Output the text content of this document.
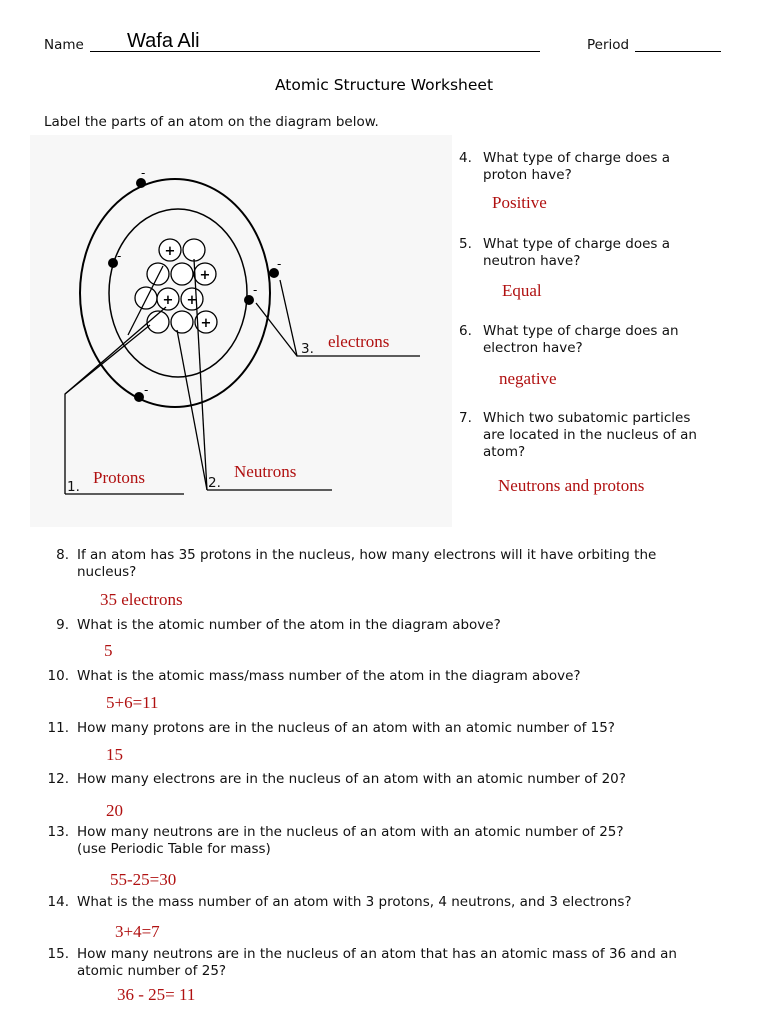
Name Wafa Ali	Period
Atomic Structure Worksheet
Label the parts of an atom on the diagram below.
+
+
+ +
+
-
-
-
-
-
1. Protons	2.
Neutrons
3. electrons
4. What type of charge does a
proton have?
Positive
5. What type of charge does a
neutron have?
Equal
6. What type of charge does an
electron have?
negative
7. Which two subatomic particles
are located in the nucleus of an
atom?
Neutrons and protons
8. If an atom has 35 protons in the nucleus, how many electrons will it have orbiting the
nucleus?
35 electrons
9. What is the atomic number of the atom in the diagram above?
5
10. What is the atomic mass/mass number of the atom in the diagram above?
5+6=11
11. How many protons are in the nucleus of an atom with an atomic number of 15?
15
12. How many electrons are in the nucleus of an atom with an atomic number of 20?
20
13. How many neutrons are in the nucleus of an atom with an atomic number of 25?
(use Periodic Table for mass)
55-25=30
14. What is the mass number of an atom with 3 protons, 4 neutrons, and 3 electrons?
3+4=7
15. How many neutrons are in the nucleus of an atom that has an atomic mass of 36 and an
atomic number of 25?
36 - 25= 11
